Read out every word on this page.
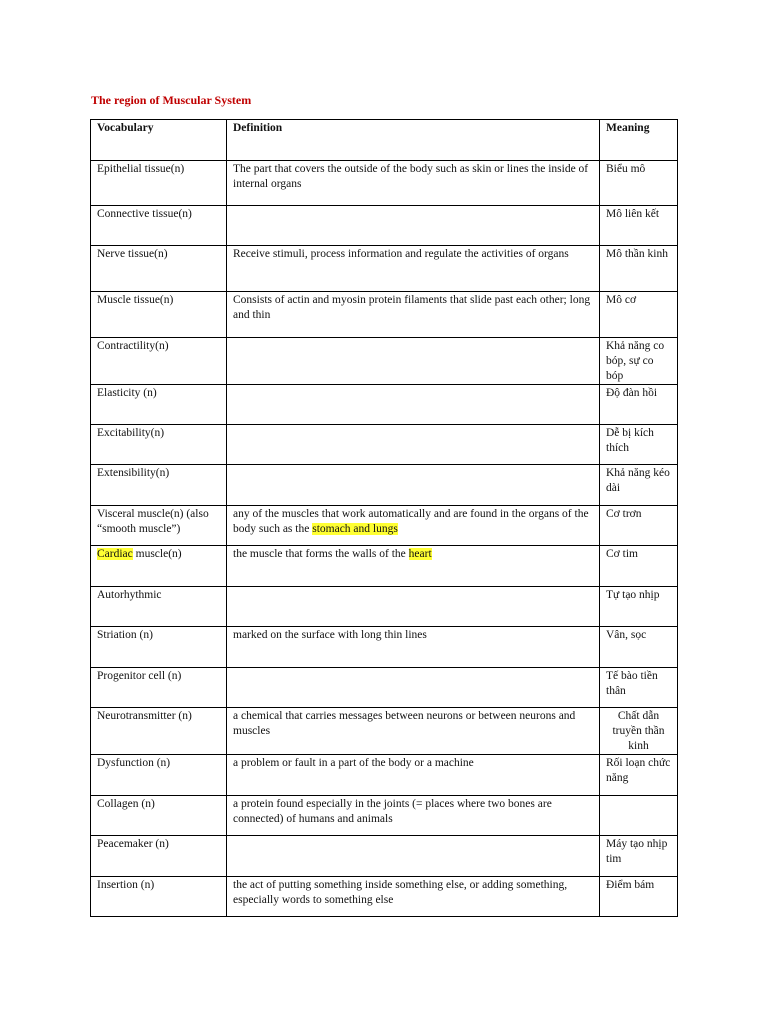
The region of Muscular System
Vocabulary	Definition	Meaning
Epithelial tissue(n)	The part that covers the outside of the body such as skin or lines the inside of internal organs	Biểu mô
Connective tissue(n)		Mô liên kết
Nerve tissue(n)	Receive stimuli, process information and regulate the activities of organs	Mô thần kinh
Muscle tissue(n)	Consists of actin and myosin protein filaments that slide past each other; long and thin	Mô cơ
Contractility(n)		Khả năng co bóp, sự co bóp
Elasticity (n)		Độ đàn hồi
Excitability(n)		Dễ bị kích thích
Extensibility(n)		Khả năng kéo dài
Visceral muscle(n) (also “smooth muscle”)	any of the muscles that work automatically and are found in the organs of the body such as the stomach and lungs	Cơ trơn
Cardiac muscle(n)	the muscle that forms the walls of the heart	Cơ tim
Autorhythmic		Tự tạo nhịp
Striation (n)	marked on the surface with long thin lines	Vân, sọc
Progenitor cell (n)		Tế bào tiền thân
Neurotransmitter (n)	a chemical that carries messages between neurons or between neurons and muscles	Chất dẫn truyền thần kinh
Dysfunction (n)	a problem or fault in a part of the body or a machine	Rối loạn chức năng
Collagen (n)	a protein found especially in the joints (= places where two bones are connected) of humans and animals	
Peacemaker (n)		Máy tạo nhịp tim
Insertion (n)	the act of putting something inside something else, or adding something, especially words to something else	Điểm bám
